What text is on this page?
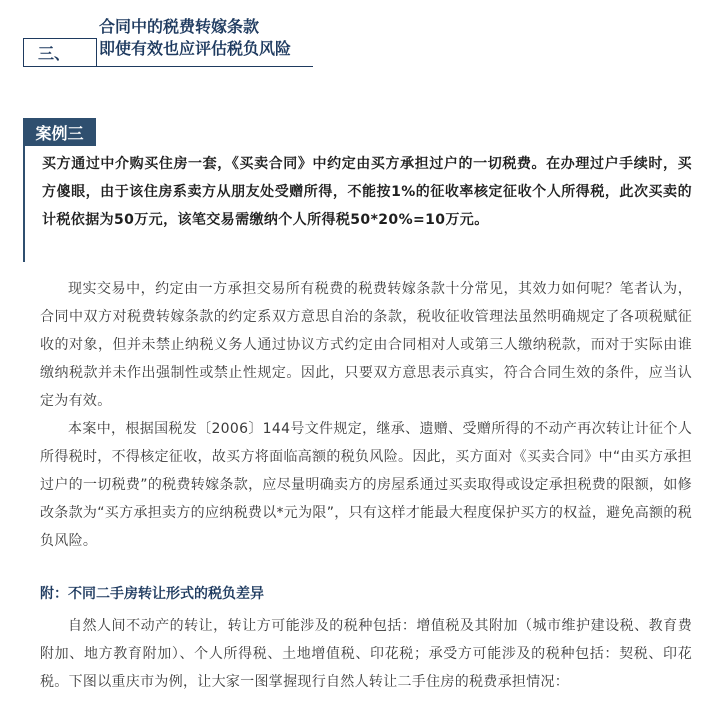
合同中的税费转嫁条款
即使有效也应评估税负风险
三、
案例三
买方通过中介购买住房一套，《买卖合同》中约定由买方承担过户的一切税费。在办理过户手续时，买方傻眼，由于该住房系卖方从朋友处受赠所得，不能按1%的征收率核定征收个人所得税，此次买卖的计税依据为50万元，该笔交易需缴纳个人所得税50*20%=10万元。
现实交易中，约定由一方承担交易所有税费的税费转嫁条款十分常见，其效力如何呢？笔者认为，合同中双方对税费转嫁条款的约定系双方意思自治的条款，税收征收管理法虽然明确规定了各项税赋征收的对象，但并未禁止纳税义务人通过协议方式约定由合同相对人或第三人缴纳税款，而对于实际由谁缴纳税款并未作出强制性或禁止性规定。因此，只要双方意思表示真实，符合合同生效的条件，应当认定为有效。
本案中，根据国税发〔2006〕144号文件规定，继承、遗赠、受赠所得的不动产再次转让计征个人所得税时，不得核定征收，故买方将面临高额的税负风险。因此，买方面对《买卖合同》中“由买方承担过户的一切税费”的税费转嫁条款，应尽量明确卖方的房屋系通过买卖取得或设定承担税费的限额，如修改条款为“买方承担卖方的应纳税费以*元为限”，只有这样才能最大程度保护买方的权益，避免高额的税负风险。
附：不同二手房转让形式的税负差异
自然人间不动产的转让，转让方可能涉及的税种包括：增值税及其附加（城市维护建设税、教育费附加、地方教育附加）、个人所得税、土地增值税、印花税；承受方可能涉及的税种包括：契税、印花税。下图以重庆市为例，让大家一图掌握现行自然人转让二手住房的税费承担情况：
